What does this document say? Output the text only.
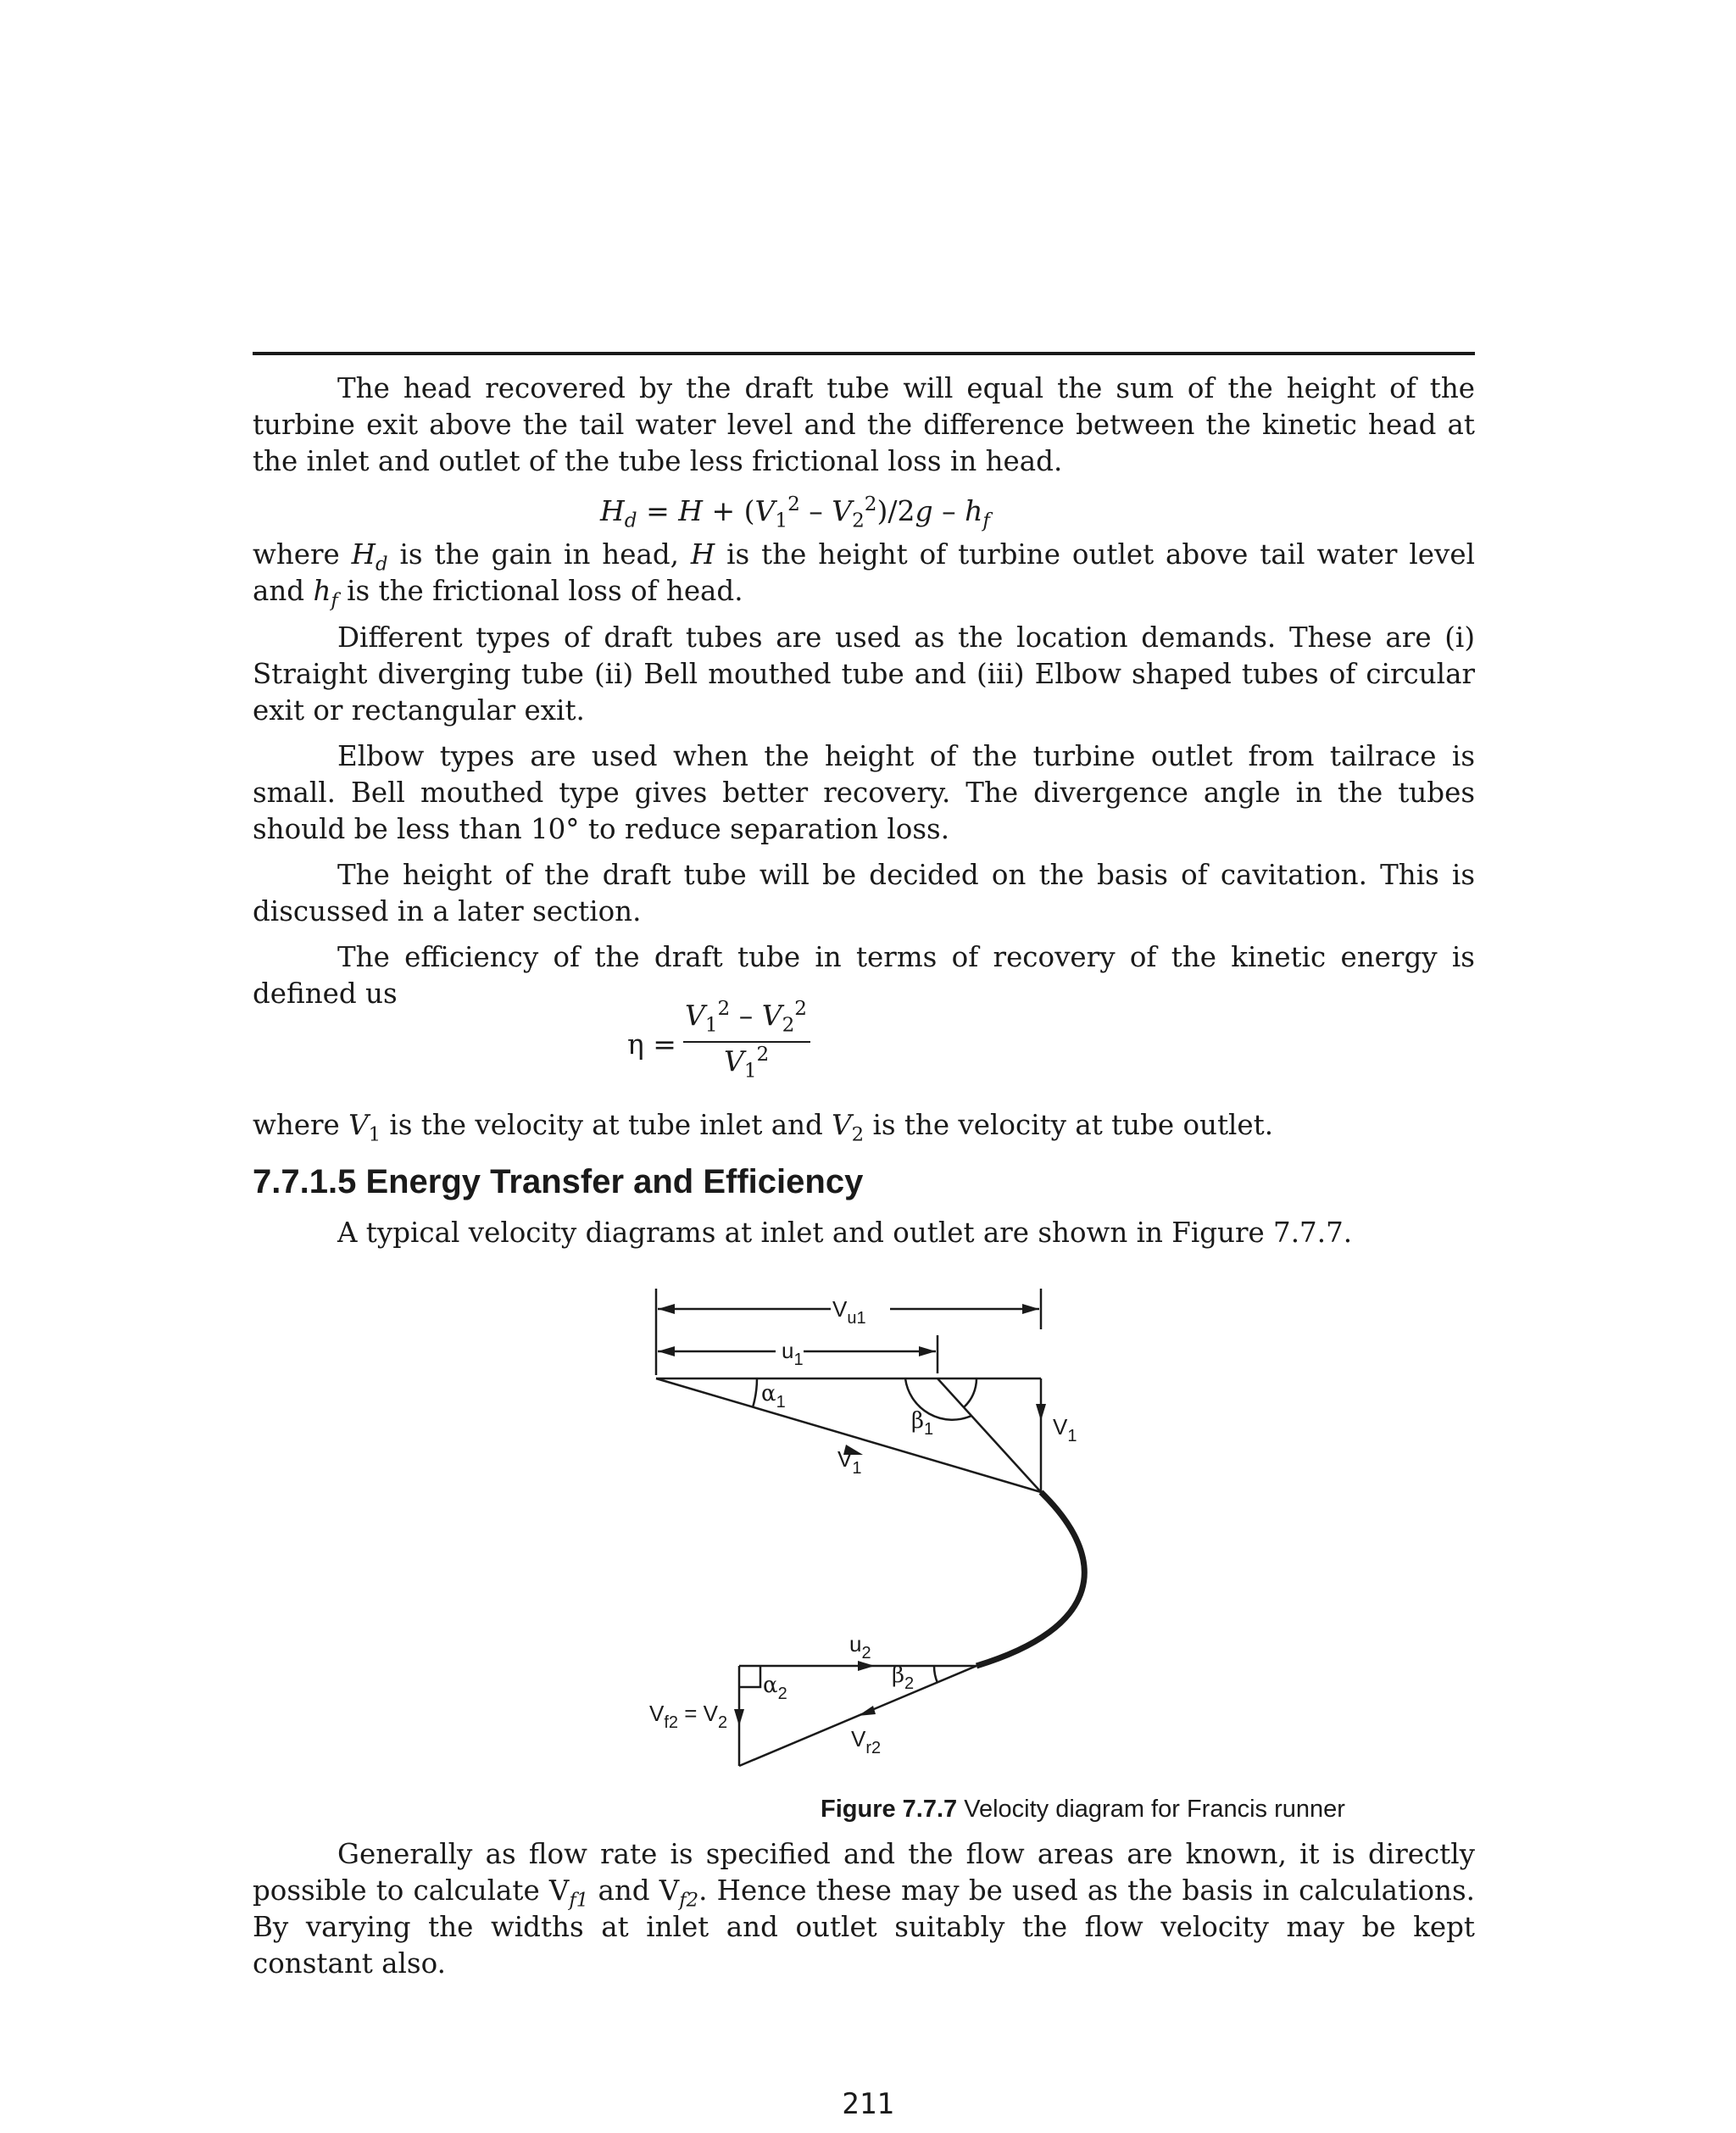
The head recovered by the draft tube will equal the sum of the height of the turbine exit above the tail water level and the difference between the kinetic head at the inlet and outlet of the tube less frictional loss in head.

$H_d = H + (V_1^2 - V_2^2)/2g - h_f$

where $H_d$ is the gain in head, H is the height of turbine outlet above tail water level and $h_f$ is the frictional loss of head.

Different types of draft tubes are used as the location demands. These are (i) Straight diverging tube (ii) Bell mouthed tube and (iii) Elbow shaped tubes of circular exit or rectangular exit.

Elbow types are used when the height of the turbine outlet from tailrace is small. Bell mouthed type gives better recovery. The divergence angle in the tubes should be less than 10° to reduce separation loss.

The height of the draft tube will be decided on the basis of cavitation. This is discussed in a later section.

The efficiency of the draft tube in terms of recovery of the kinetic energy is defined us

η =
$V_1^2 - V_2^2$
$V_1^2$

where $V_1$ is the velocity at tube inlet and $V_2$ is the velocity at tube outlet.

7.7.1.5 Energy Transfer and Efficiency

A typical velocity diagrams at inlet and outlet are shown in Figure 7.7.7.

$V_{u1}$
$u_1$
$\alpha_1$
$\beta_1$	$V_1$
$V_1$
$u_2$
$\beta_2$
$\alpha_2$
$V_{f2} = V_2$
$V_{r2}$
Figure 7.7.7 Velocity diagram for Francis runner

Generally as flow rate is specified and the flow areas are known, it is directly possible to calculate $V_{f1}$ and $V_{f2}$. Hence these may be used as the basis in calculations. By varying the widths at inlet and outlet suitably the flow velocity may be kept constant also.

211
